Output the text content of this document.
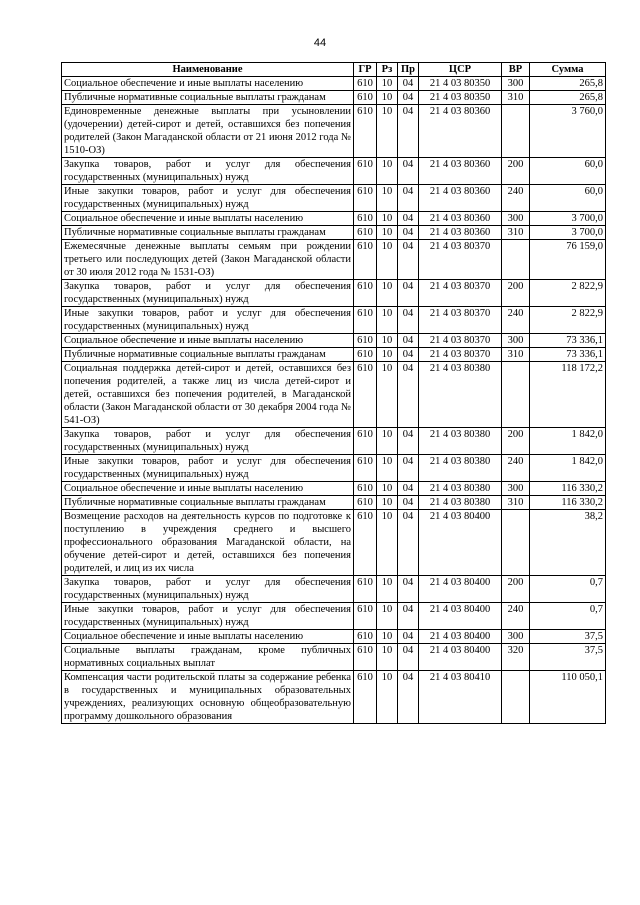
44
Наименование	ГР	Рз	Пр	ЦСР	ВР	Сумма
Социальное обеспечение и иные выплаты населению	610	10	04	21 4 03 80350	300	265,8
Публичные нормативные социальные выплаты гражданам	610	10	04	21 4 03 80350	310	265,8
Единовременные денежные выплаты при усыновлении (удочерении) детей-сирот и детей, оставшихся без попечения родителей (Закон Магаданской области от 21 июня 2012 года № 1510-ОЗ)	610	10	04	21 4 03 80360		3 760,0
Закупка товаров, работ и услуг для обеспечения государственных (муниципальных) нужд	610	10	04	21 4 03 80360	200	60,0
Иные закупки товаров, работ и услуг для обеспечения государственных (муниципальных) нужд	610	10	04	21 4 03 80360	240	60,0
Социальное обеспечение и иные выплаты населению	610	10	04	21 4 03 80360	300	3 700,0
Публичные нормативные социальные выплаты гражданам	610	10	04	21 4 03 80360	310	3 700,0
Ежемесячные денежные выплаты семьям при рождении третьего или последующих детей (Закон Магаданской области от 30 июля 2012 года № 1531-ОЗ)	610	10	04	21 4 03 80370		76 159,0
Закупка товаров, работ и услуг для обеспечения государственных (муниципальных) нужд	610	10	04	21 4 03 80370	200	2 822,9
Иные закупки товаров, работ и услуг для обеспечения государственных (муниципальных) нужд	610	10	04	21 4 03 80370	240	2 822,9
Социальное обеспечение и иные выплаты населению	610	10	04	21 4 03 80370	300	73 336,1
Публичные нормативные социальные выплаты гражданам	610	10	04	21 4 03 80370	310	73 336,1
Социальная поддержка детей-сирот и детей, оставшихся без попечения родителей, а также лиц из числа детей-сирот и детей, оставшихся без попечения родителей, в Магаданской области (Закон Магаданской области от 30 декабря 2004 года № 541-ОЗ)	610	10	04	21 4 03 80380		118 172,2
Закупка товаров, работ и услуг для обеспечения государственных (муниципальных) нужд	610	10	04	21 4 03 80380	200	1 842,0
Иные закупки товаров, работ и услуг для обеспечения государственных (муниципальных) нужд	610	10	04	21 4 03 80380	240	1 842,0
Социальное обеспечение и иные выплаты населению	610	10	04	21 4 03 80380	300	116 330,2
Публичные нормативные социальные выплаты гражданам	610	10	04	21 4 03 80380	310	116 330,2
Возмещение расходов на деятельность курсов по подготовке к поступлению в учреждения среднего и высшего профессионального образования Магаданской области, на обучение детей-сирот и детей, оставшихся без попечения родителей, и лиц из их числа	610	10	04	21 4 03 80400		38,2
Закупка товаров, работ и услуг для обеспечения государственных (муниципальных) нужд	610	10	04	21 4 03 80400	200	0,7
Иные закупки товаров, работ и услуг для обеспечения государственных (муниципальных) нужд	610	10	04	21 4 03 80400	240	0,7
Социальное обеспечение и иные выплаты населению	610	10	04	21 4 03 80400	300	37,5
Социальные выплаты гражданам, кроме публичных нормативных социальных выплат	610	10	04	21 4 03 80400	320	37,5
Компенсация части родительской платы за содержание ребенка в государственных и муниципальных образовательных учреждениях, реализующих основную общеобразовательную программу дошкольного образования	610	10	04	21 4 03 80410		110 050,1
